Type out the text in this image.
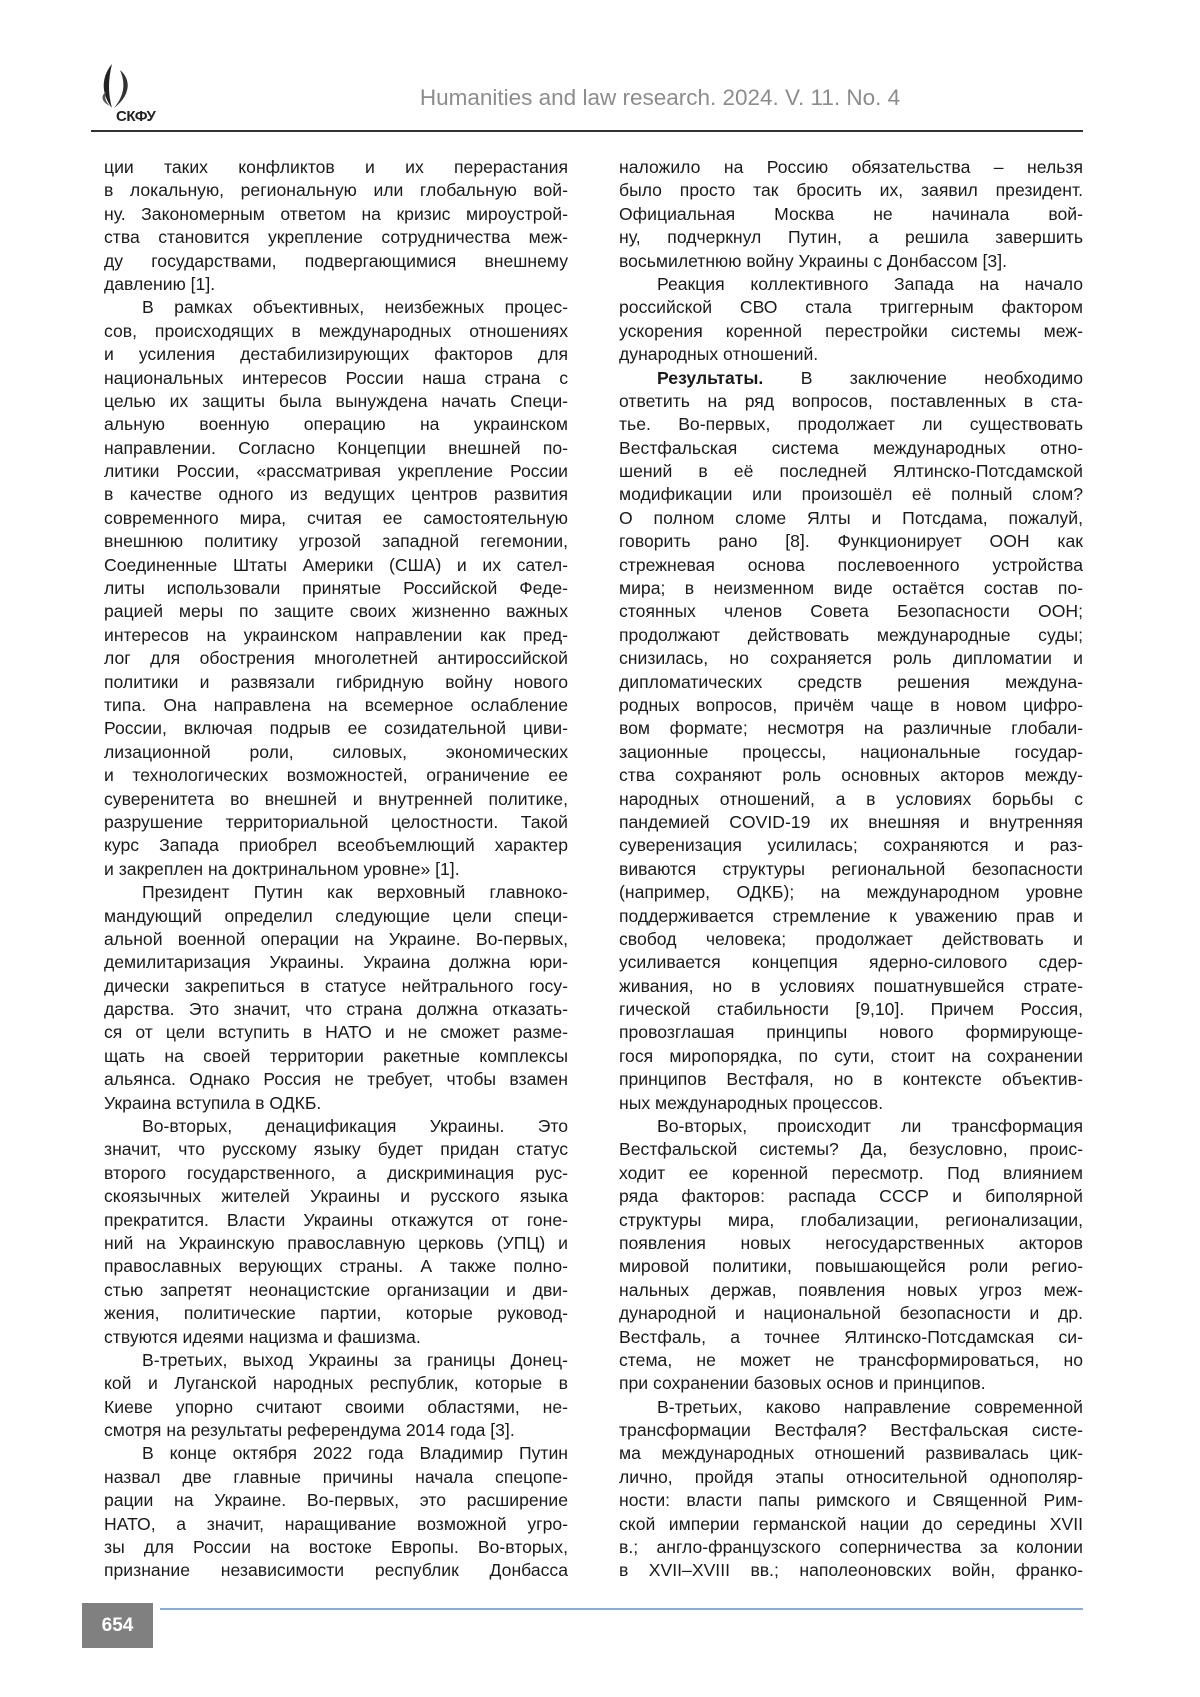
СКФУ
Humanities and law research. 2024. V. 11. No. 4
ции таких конфликтов и их перерастания
в локальную, региональную или глобальную вой-
ну. Закономерным ответом на кризис мироустрой-
ства становится укрепление сотрудничества меж-
ду государствами, подвергающимися внешнему
давлению [1].
В рамках объективных, неизбежных процес-
сов, происходящих в международных отношениях
и усиления дестабилизирующих факторов для
национальных интересов России наша страна с
целью их защиты была вынуждена начать Специ-
альную военную операцию на украинском
направлении. Согласно Концепции внешней по-
литики России, «рассматривая укрепление России
в качестве одного из ведущих центров развития
современного мира, считая ее самостоятельную
внешнюю политику угрозой западной гегемонии,
Соединенные Штаты Америки (США) и их сател-
литы использовали принятые Российской Феде-
рацией меры по защите своих жизненно важных
интересов на украинском направлении как пред-
лог для обострения многолетней антироссийской
политики и развязали гибридную войну нового
типа. Она направлена на всемерное ослабление
России, включая подрыв ее созидательной циви-
лизационной роли, силовых, экономических
и технологических возможностей, ограничение ее
суверенитета во внешней и внутренней политике,
разрушение территориальной целостности. Такой
курс Запада приобрел всеобъемлющий характер
и закреплен на доктринальном уровне» [1].
Президент Путин как верховный главноко-
мандующий определил следующие цели специ-
альной военной операции на Украине. Во-первых,
демилитаризация Украины. Украина должна юри-
дически закрепиться в статусе нейтрального госу-
дарства. Это значит, что страна должна отказать-
ся от цели вступить в НАТО и не сможет разме-
щать на своей территории ракетные комплексы
альянса. Однако Россия не требует, чтобы взамен
Украина вступила в ОДКБ.
Во-вторых, денацификация Украины. Это
значит, что русскому языку будет придан статус
второго государственного, а дискриминация рус-
скоязычных жителей Украины и русского языка
прекратится. Власти Украины откажутся от гоне-
ний на Украинскую православную церковь (УПЦ) и
православных верующих страны. А также полно-
стью запретят неонацистские организации и дви-
жения, политические партии, которые руковод-
ствуются идеями нацизма и фашизма.
В-третьих, выход Украины за границы Донец-
кой и Луганской народных республик, которые в
Киеве упорно считают своими областями, не-
смотря на результаты референдума 2014 года [3].
В конце октября 2022 года Владимир Путин
назвал две главные причины начала спецопе-
рации на Украине. Во-первых, это расширение
НАТО, а значит, наращивание возможной угро-
зы для России на востоке Европы. Во-вторых,
признание независимости республик Донбасса
наложило на Россию обязательства – нельзя
было просто так бросить их, заявил президент.
Официальная Москва не начинала вой-
ну, подчеркнул Путин, а решила завершить
восьмилетнюю войну Украины с Донбассом [3].
Реакция коллективного Запада на начало
российской СВО стала триггерным фактором
ускорения коренной перестройки системы меж-
дународных отношений.
Результаты. В заключение необходимо
ответить на ряд вопросов, поставленных в ста-
тье. Во-первых, продолжает ли существовать
Вестфальская система международных отно-
шений в её последней Ялтинско-Потсдамской
модификации или произошёл её полный слом?
О полном сломе Ялты и Потсдама, пожалуй,
говорить рано [8]. Функционирует ООН как
стрежневая основа послевоенного устройства
мира; в неизменном виде остаётся состав по-
стоянных членов Совета Безопасности ООН;
продолжают действовать международные суды;
снизилась, но сохраняется роль дипломатии и
дипломатических средств решения междуна-
родных вопросов, причём чаще в новом цифро-
вом формате; несмотря на различные глобали-
зационные процессы, национальные государ-
ства сохраняют роль основных акторов между-
народных отношений, а в условиях борьбы с
пандемией COVID-19 их внешняя и внутренняя
суверенизация усилилась; сохраняются и раз-
виваются структуры региональной безопасности
(например, ОДКБ); на международном уровне
поддерживается стремление к уважению прав и
свобод человека; продолжает действовать и
усиливается концепция ядерно-силового сдер-
живания, но в условиях пошатнувшейся страте-
гической стабильности [9,10]. Причем Россия,
провозглашая принципы нового формирующе-
гося миропорядка, по сути, стоит на сохранении
принципов Вестфаля, но в контексте объектив-
ных международных процессов.
Во-вторых, происходит ли трансформация
Вестфальской системы? Да, безусловно, проис-
ходит ее коренной пересмотр. Под влиянием
ряда факторов: распада СССР и биполярной
структуры мира, глобализации, регионализации,
появления новых негосударственных акторов
мировой политики, повышающейся роли регио-
нальных держав, появления новых угроз меж-
дународной и национальной безопасности и др.
Вестфаль, а точнее Ялтинско-Потсдамская си-
стема, не может не трансформироваться, но
при сохранении базовых основ и принципов.
В-третьих, каково направление современной
трансформации Вестфаля? Вестфальская систе-
ма международных отношений развивалась цик-
лично, пройдя этапы относительной однополяр-
ности: власти папы римского и Священной Рим-
ской империи германской нации до середины XVII
в.; англо-французского соперничества за колонии
в XVII–XVIII вв.; наполеоновских войн, франко-
654
